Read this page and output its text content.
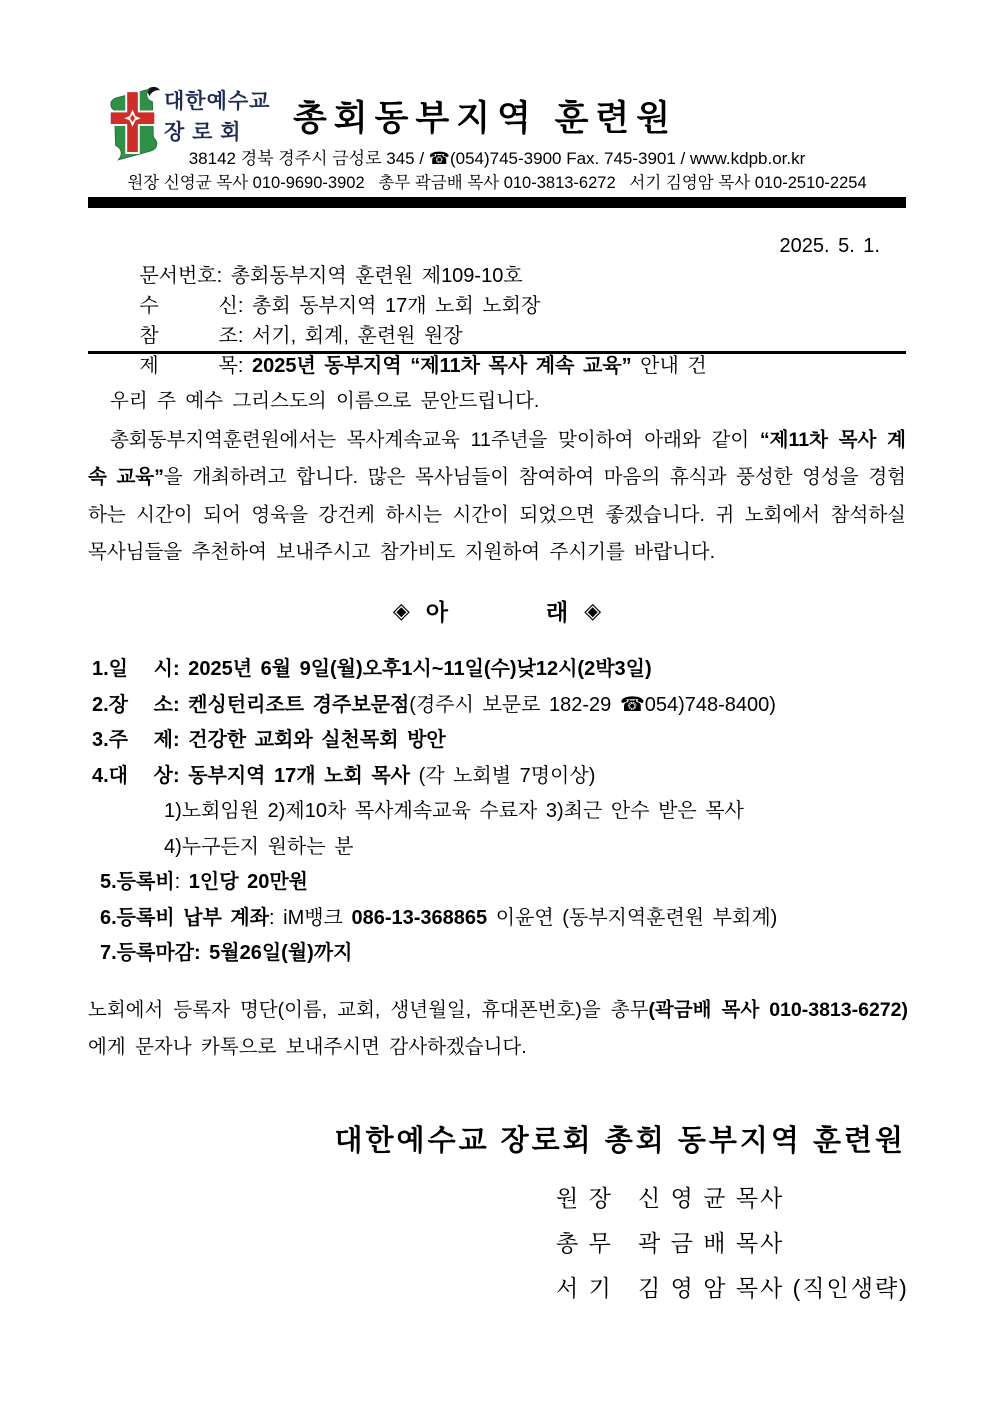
대한예수교
장 로 회	총회동부지역 훈련원
38142 경북 경주시 금성로 345 / ☎(054)745-3900 Fax. 745-3901 / www.kdpb.or.kr
원장 신영균 목사 010-9690-3902   총무 곽금배 목사 010-3813-6272   서기 김영암 목사 010-2510-2254

문서번호: 총회동부지역 훈련원 제109-10호

2025. 5. 1.

수       신: 총회 동부지역 17개 노회 노회장

참       조: 서기, 회계, 훈련원 원장

제       목: 2025년 동부지역 “제11차 목사 계속 교육” 안내 건

우리 주 예수 그리스도의 이름으로 문안드립니다.

총회동부지역훈련원에서는 목사계속교육 11주년을 맞이하여 아래와 같이 “제11차 목사 계속 교육”을 개최하려고 합니다. 많은 목사님들이 참여하여 마음의 휴식과 풍성한 영성을 경험하는 시간이 되어 영육을 강건케 하시는 시간이 되었으면 좋겠습니다. 귀 노회에서 참석하실 목사님들을 추천하여 보내주시고 참가비도 지원하여 주시기를 바랍니다.

◈ 아	래 ◈
1.일   시: 2025년 6월 9일(월)오후1시~11일(수)낮12시(2박3일)
2.장   소: 켄싱턴리조트 경주보문점(경주시 보문로 182-29 ☎054)748-8400)
3.주   제: 건강한 교회와 실천목회 방안
4.대   상: 동부지역 17개 노회 목사 (각 노회별 7명이상)
1)노회임원 2)제10차 목사계속교육 수료자 3)최근 안수 받은 목사
4)누구든지 원하는 분
5.등록비: 1인당 20만원
6.등록비 납부 계좌: iM뱅크 086-13-368865 이윤연 (동부지역훈련원 부회계)
7.등록마감: 5월26일(월)까지

노회에서 등록자 명단(이름, 교회, 생년월일, 휴대폰번호)을 총무(곽금배 목사 010-3813-6272)에게 문자나 카톡으로 보내주시면 감사하겠습니다.

대한예수교 장로회 총회 동부지역 훈련원
원 장   신 영 균 목사
총 무   곽 금 배 목사
서 기   김 영 암 목사 (직인생략)
